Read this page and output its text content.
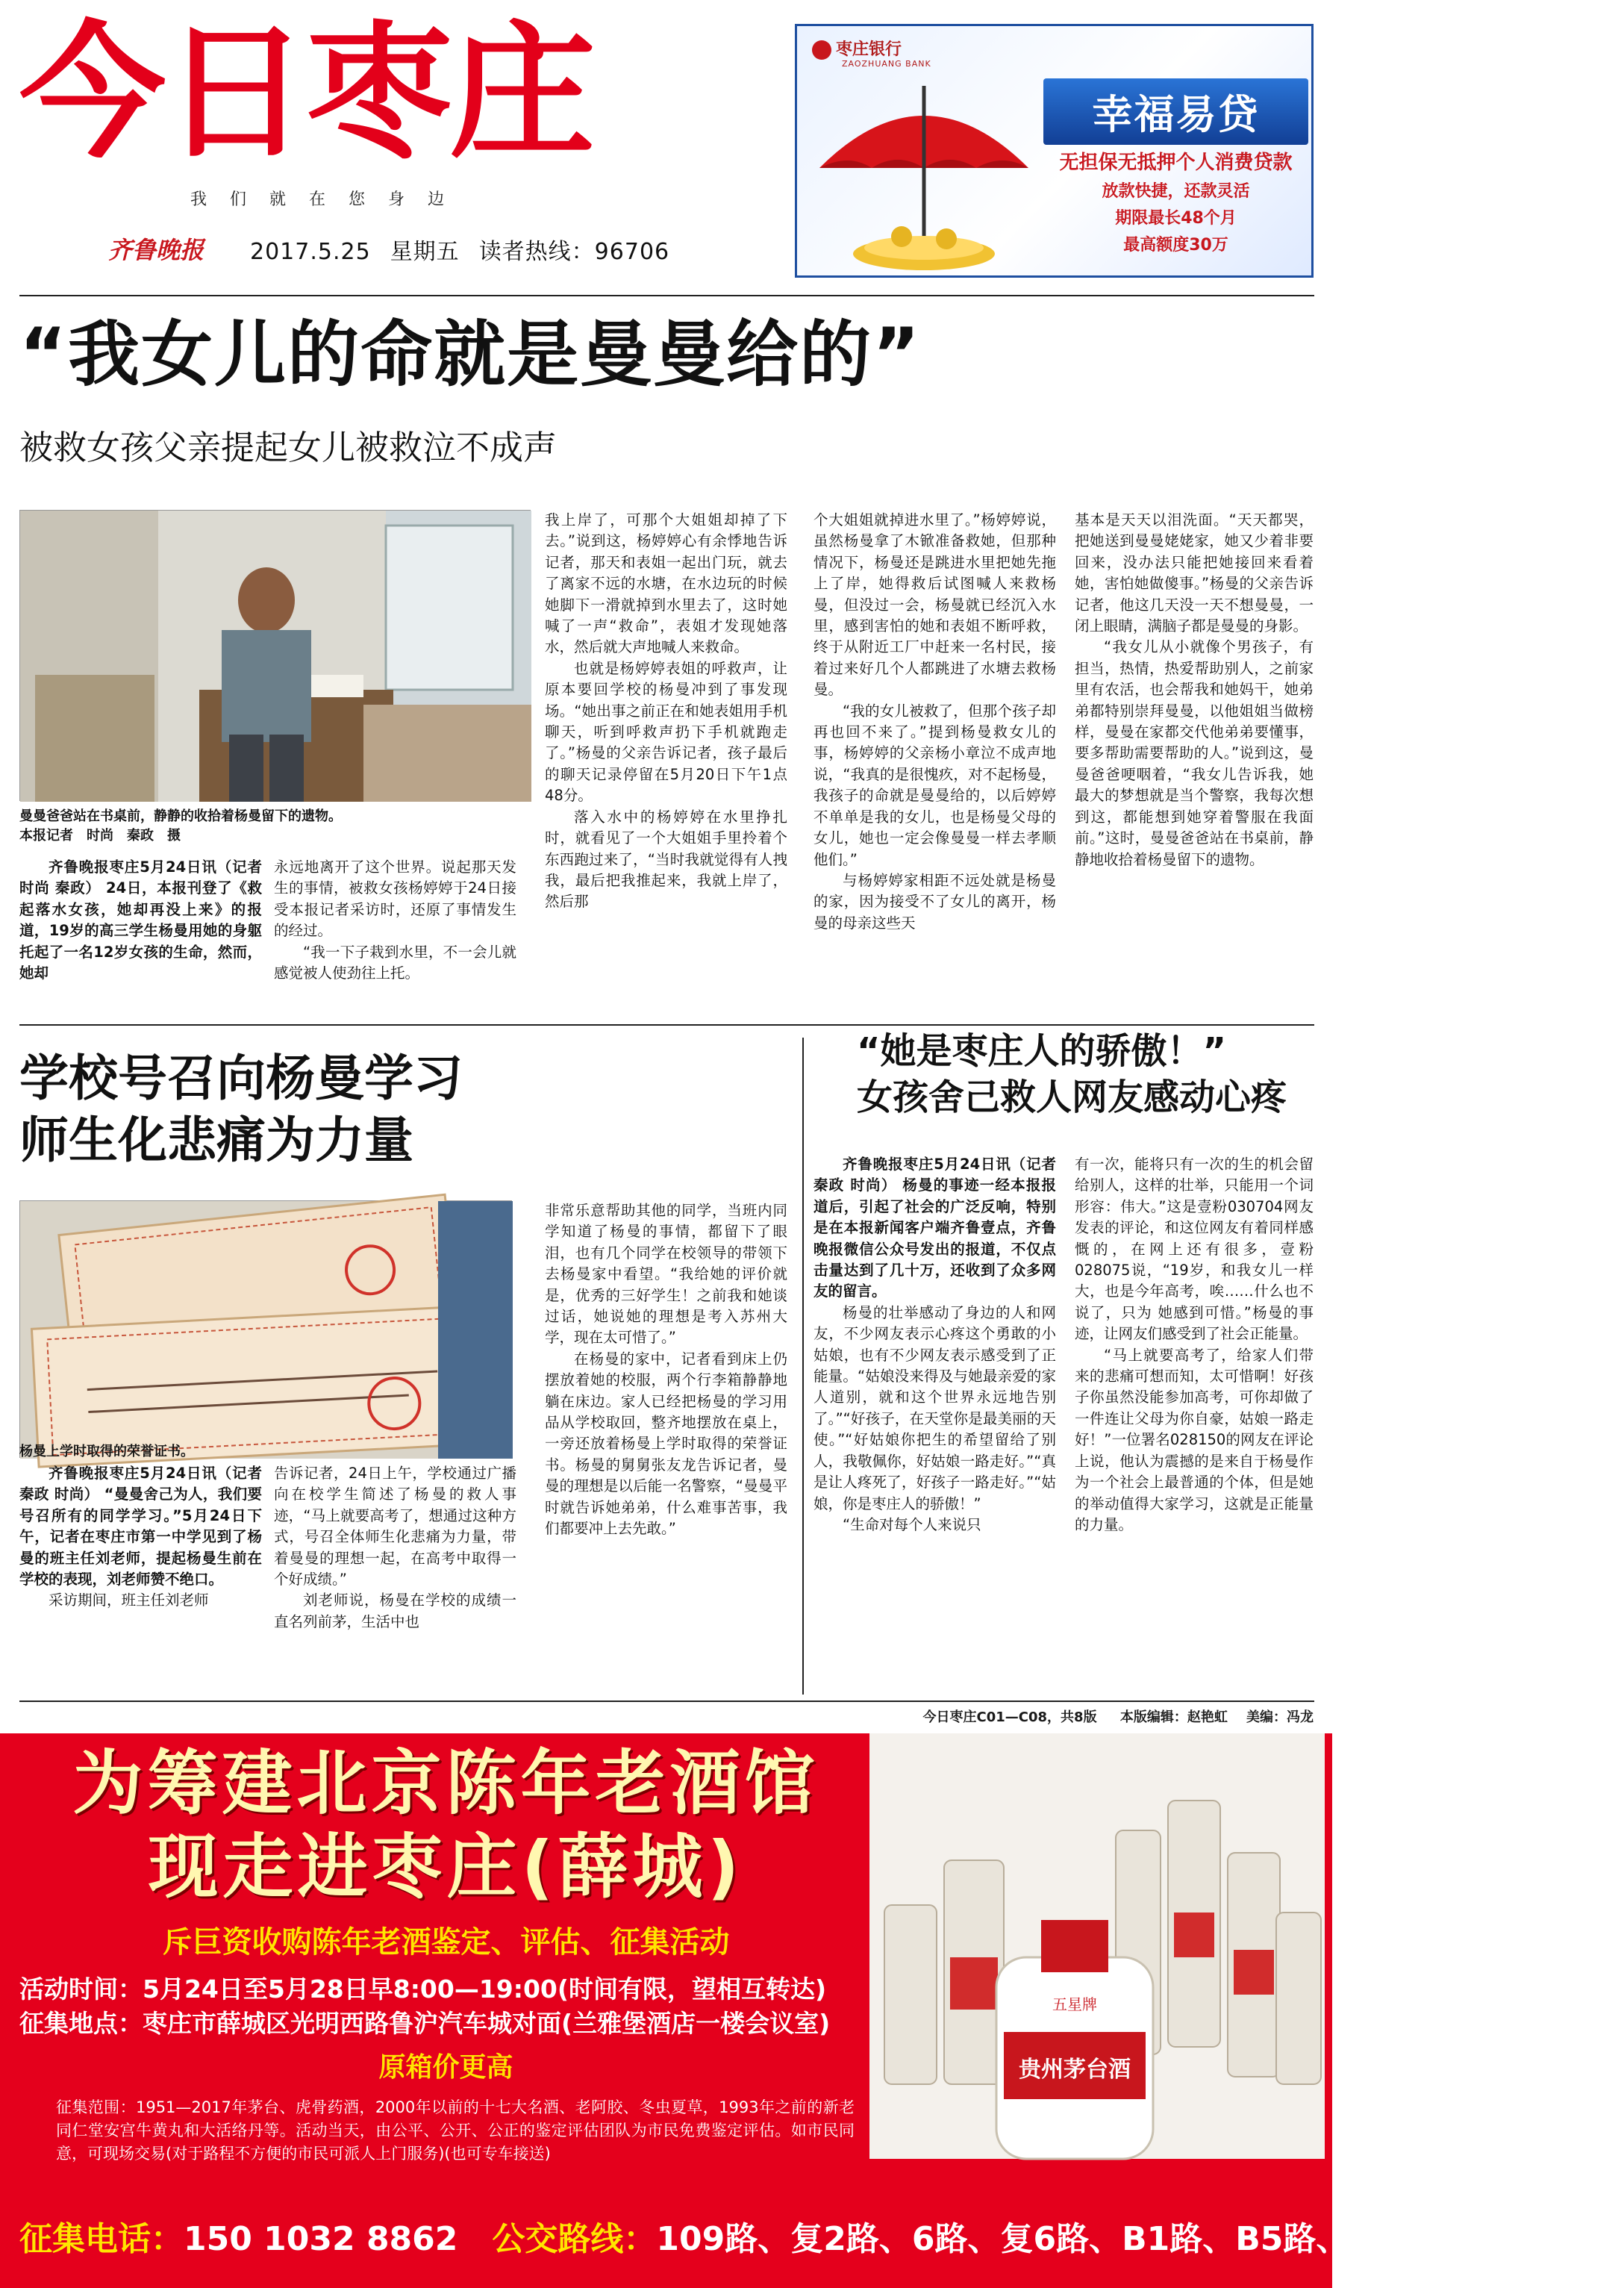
今日枣庄
我 们 就 在 您 身 边
齐鲁晚报 2017.5.25 星期五 读者热线：96706
枣庄银行
ZAOZHUANG BANK
幸福易贷
无担保无抵押个人消费贷款
放款快捷，还款灵活
期限最长48个月
最高额度30万
“我女儿的命就是曼曼给的”
被救女孩父亲提起女儿被救泣不成声
曼曼爸爸站在书桌前，静静的收拾着杨曼留下的遗物。
本报记者　时尚　秦政　摄

齐鲁晚报枣庄5月24日讯（记者 时尚 秦政） 24日，本报刊登了《救起落水女孩，她却再没上来》的报道，19岁的高三学生杨曼用她的身躯托起了一名12岁女孩的生命，然而，她却

永远地离开了这个世界。说起那天发生的事情，被救女孩杨婷婷于24日接受本报记者采访时，还原了事情发生的经过。

“我一下子栽到水里，不一会儿就感觉被人使劲往上托。

我上岸了，可那个大姐姐却掉了下去。”说到这，杨婷婷心有余悸地告诉记者，那天和表姐一起出门玩，就去了离家不远的水塘，在水边玩的时候她脚下一滑就掉到水里去了，这时她喊了一声“救命”，表姐才发现她落水，然后就大声地喊人来救命。

也就是杨婷婷表姐的呼救声，让原本要回学校的杨曼冲到了事发现场。“她出事之前正在和她表姐用手机聊天，听到呼救声扔下手机就跑走了。”杨曼的父亲告诉记者，孩子最后的聊天记录停留在5月20日下午1点48分。

落入水中的杨婷婷在水里挣扎时，就看见了一个大姐姐手里拎着个东西跑过来了，“当时我就觉得有人拽我，最后把我推起来，我就上岸了，然后那

个大姐姐就掉进水里了。”杨婷婷说，虽然杨曼拿了木锨准备救她，但那种情况下，杨曼还是跳进水里把她先拖上了岸，她得救后试图喊人来救杨曼，但没过一会，杨曼就已经沉入水里，感到害怕的她和表姐不断呼救，终于从附近工厂中赶来一名村民，接着过来好几个人都跳进了水塘去救杨曼。

“我的女儿被救了，但那个孩子却再也回不来了。”提到杨曼救女儿的事，杨婷婷的父亲杨小章泣不成声地说，“我真的是很愧疚，对不起杨曼，我孩子的命就是曼曼给的，以后婷婷不单单是我的女儿，也是杨曼父母的女儿，她也一定会像曼曼一样去孝顺他们。”

与杨婷婷家相距不远处就是杨曼的家，因为接受不了女儿的离开，杨曼的母亲这些天

基本是天天以泪洗面。“天天都哭，把她送到曼曼姥姥家，她又少着非要回来，没办法只能把她接回来看着她，害怕她做傻事。”杨曼的父亲告诉记者，他这几天没一天不想曼曼，一闭上眼睛，满脑子都是曼曼的身影。

“我女儿从小就像个男孩子，有担当，热情，热爱帮助别人，之前家里有农活，也会帮我和她妈干，她弟弟都特别崇拜曼曼，以他姐姐当做榜样，曼曼在家都交代他弟弟要懂事，要多帮助需要帮助的人。”说到这，曼曼爸爸哽咽着，“我女儿告诉我，她最大的梦想就是当个警察，我每次想到这，都能想到她穿着警服在我面前。”这时，曼曼爸爸站在书桌前，静静地收拾着杨曼留下的遗物。

学校号召向杨曼学习
师生化悲痛为力量
杨曼上学时取得的荣誉证书。

齐鲁晚报枣庄5月24日讯（记者 秦政 时尚） “曼曼舍己为人，我们要号召所有的同学学习。”5月24日下午，记者在枣庄市第一中学见到了杨曼的班主任刘老师，提起杨曼生前在学校的表现，刘老师赞不绝口。

采访期间，班主任刘老师

告诉记者，24日上午，学校通过广播向在校学生简述了杨曼的救人事迹，“马上就要高考了，想通过这种方式，号召全体师生化悲痛为力量，带着曼曼的理想一起，在高考中取得一个好成绩。”

刘老师说，杨曼在学校的成绩一直名列前茅，生活中也

非常乐意帮助其他的同学，当班内同学知道了杨曼的事情，都留下了眼泪，也有几个同学在校领导的带领下去杨曼家中看望。“我给她的评价就是，优秀的三好学生！之前我和她谈过话，她说她的理想是考入苏州大学，现在太可惜了。”

在杨曼的家中，记者看到床上仍摆放着她的校服，两个行李箱静静地躺在床边。家人已经把杨曼的学习用品从学校取回，整齐地摆放在桌上，一旁还放着杨曼上学时取得的荣誉证书。杨曼的舅舅张友龙告诉记者，曼曼的理想是以后能一名警察，“曼曼平时就告诉她弟弟，什么难事苦事，我们都要冲上去先敢。”

“她是枣庄人的骄傲！”
女孩舍己救人网友感动心疼

齐鲁晚报枣庄5月24日讯（记者 秦政 时尚） 杨曼的事迹一经本报报道后，引起了社会的广泛反响，特别是在本报新闻客户端齐鲁壹点，齐鲁晚报微信公众号发出的报道，不仅点击量达到了几十万，还收到了众多网友的留言。

杨曼的壮举感动了身边的人和网友，不少网友表示心疼这个勇敢的小姑娘，也有不少网友表示感受到了正能量。“姑娘没来得及与她最亲爱的家人道别，就和这个世界永远地告别了。”“好孩子，在天堂你是最美丽的天使。”“好姑娘你把生的希望留给了别人，我敬佩你，好姑娘一路走好。”“真是让人疼死了，好孩子一路走好。”“姑娘，你是枣庄人的骄傲！”

“生命对每个人来说只

有一次，能将只有一次的生的机会留给别人，这样的壮举，只能用一个词形容：伟大。”这是壹粉030704网友发表的评论，和这位网友有着同样感慨的，在网上还有很多，壹粉028075说，“19岁，和我女儿一样大，也是今年高考，唉……什么也不说了，只为 她感到可惜。”杨曼的事迹，让网友们感受到了社会正能量。

“马上就要高考了，给家人们带来的悲痛可想而知，太可惜啊！好孩子你虽然没能参加高考，可你却做了一件连让父母为你自豪，姑娘一路走好！”一位署名028150的网友在评论上说，他认为震撼的是来自于杨曼作为一个社会上最普通的个体，但是她的举动值得大家学习，这就是正能量的力量。

今日枣庄C01—C08，共8版 本版编辑：赵艳虹 美编：冯龙
为筹建北京陈年老酒馆
现走进枣庄(薛城)
斥巨资收购陈年老酒鉴定、评估、征集活动
活动时间：5月24日至5月28日早8:00—19:00(时间有限，望相互转达)
征集地点：枣庄市薛城区光明西路鲁沪汽车城对面(兰雅堡酒店一楼会议室)
原箱价更高
征集范围：1951—2017年茅台、虎骨药酒，2000年以前的十七大名酒、老阿胶、冬虫夏草，1993年之前的新老同仁堂安宫牛黄丸和大活络丹等。活动当天，由公平、公开、公正的鉴定评估团队为市民免费鉴定评估。如市民同意，可现场交易(对于路程不方便的市民可派人上门服务)(也可专车接送)
贵州茅台酒
五星牌
征集电话：150 1032 8862 公交路线：109路、复2路、6路、复6路、B1路、B5路、T2路鲁沪汽车城下
